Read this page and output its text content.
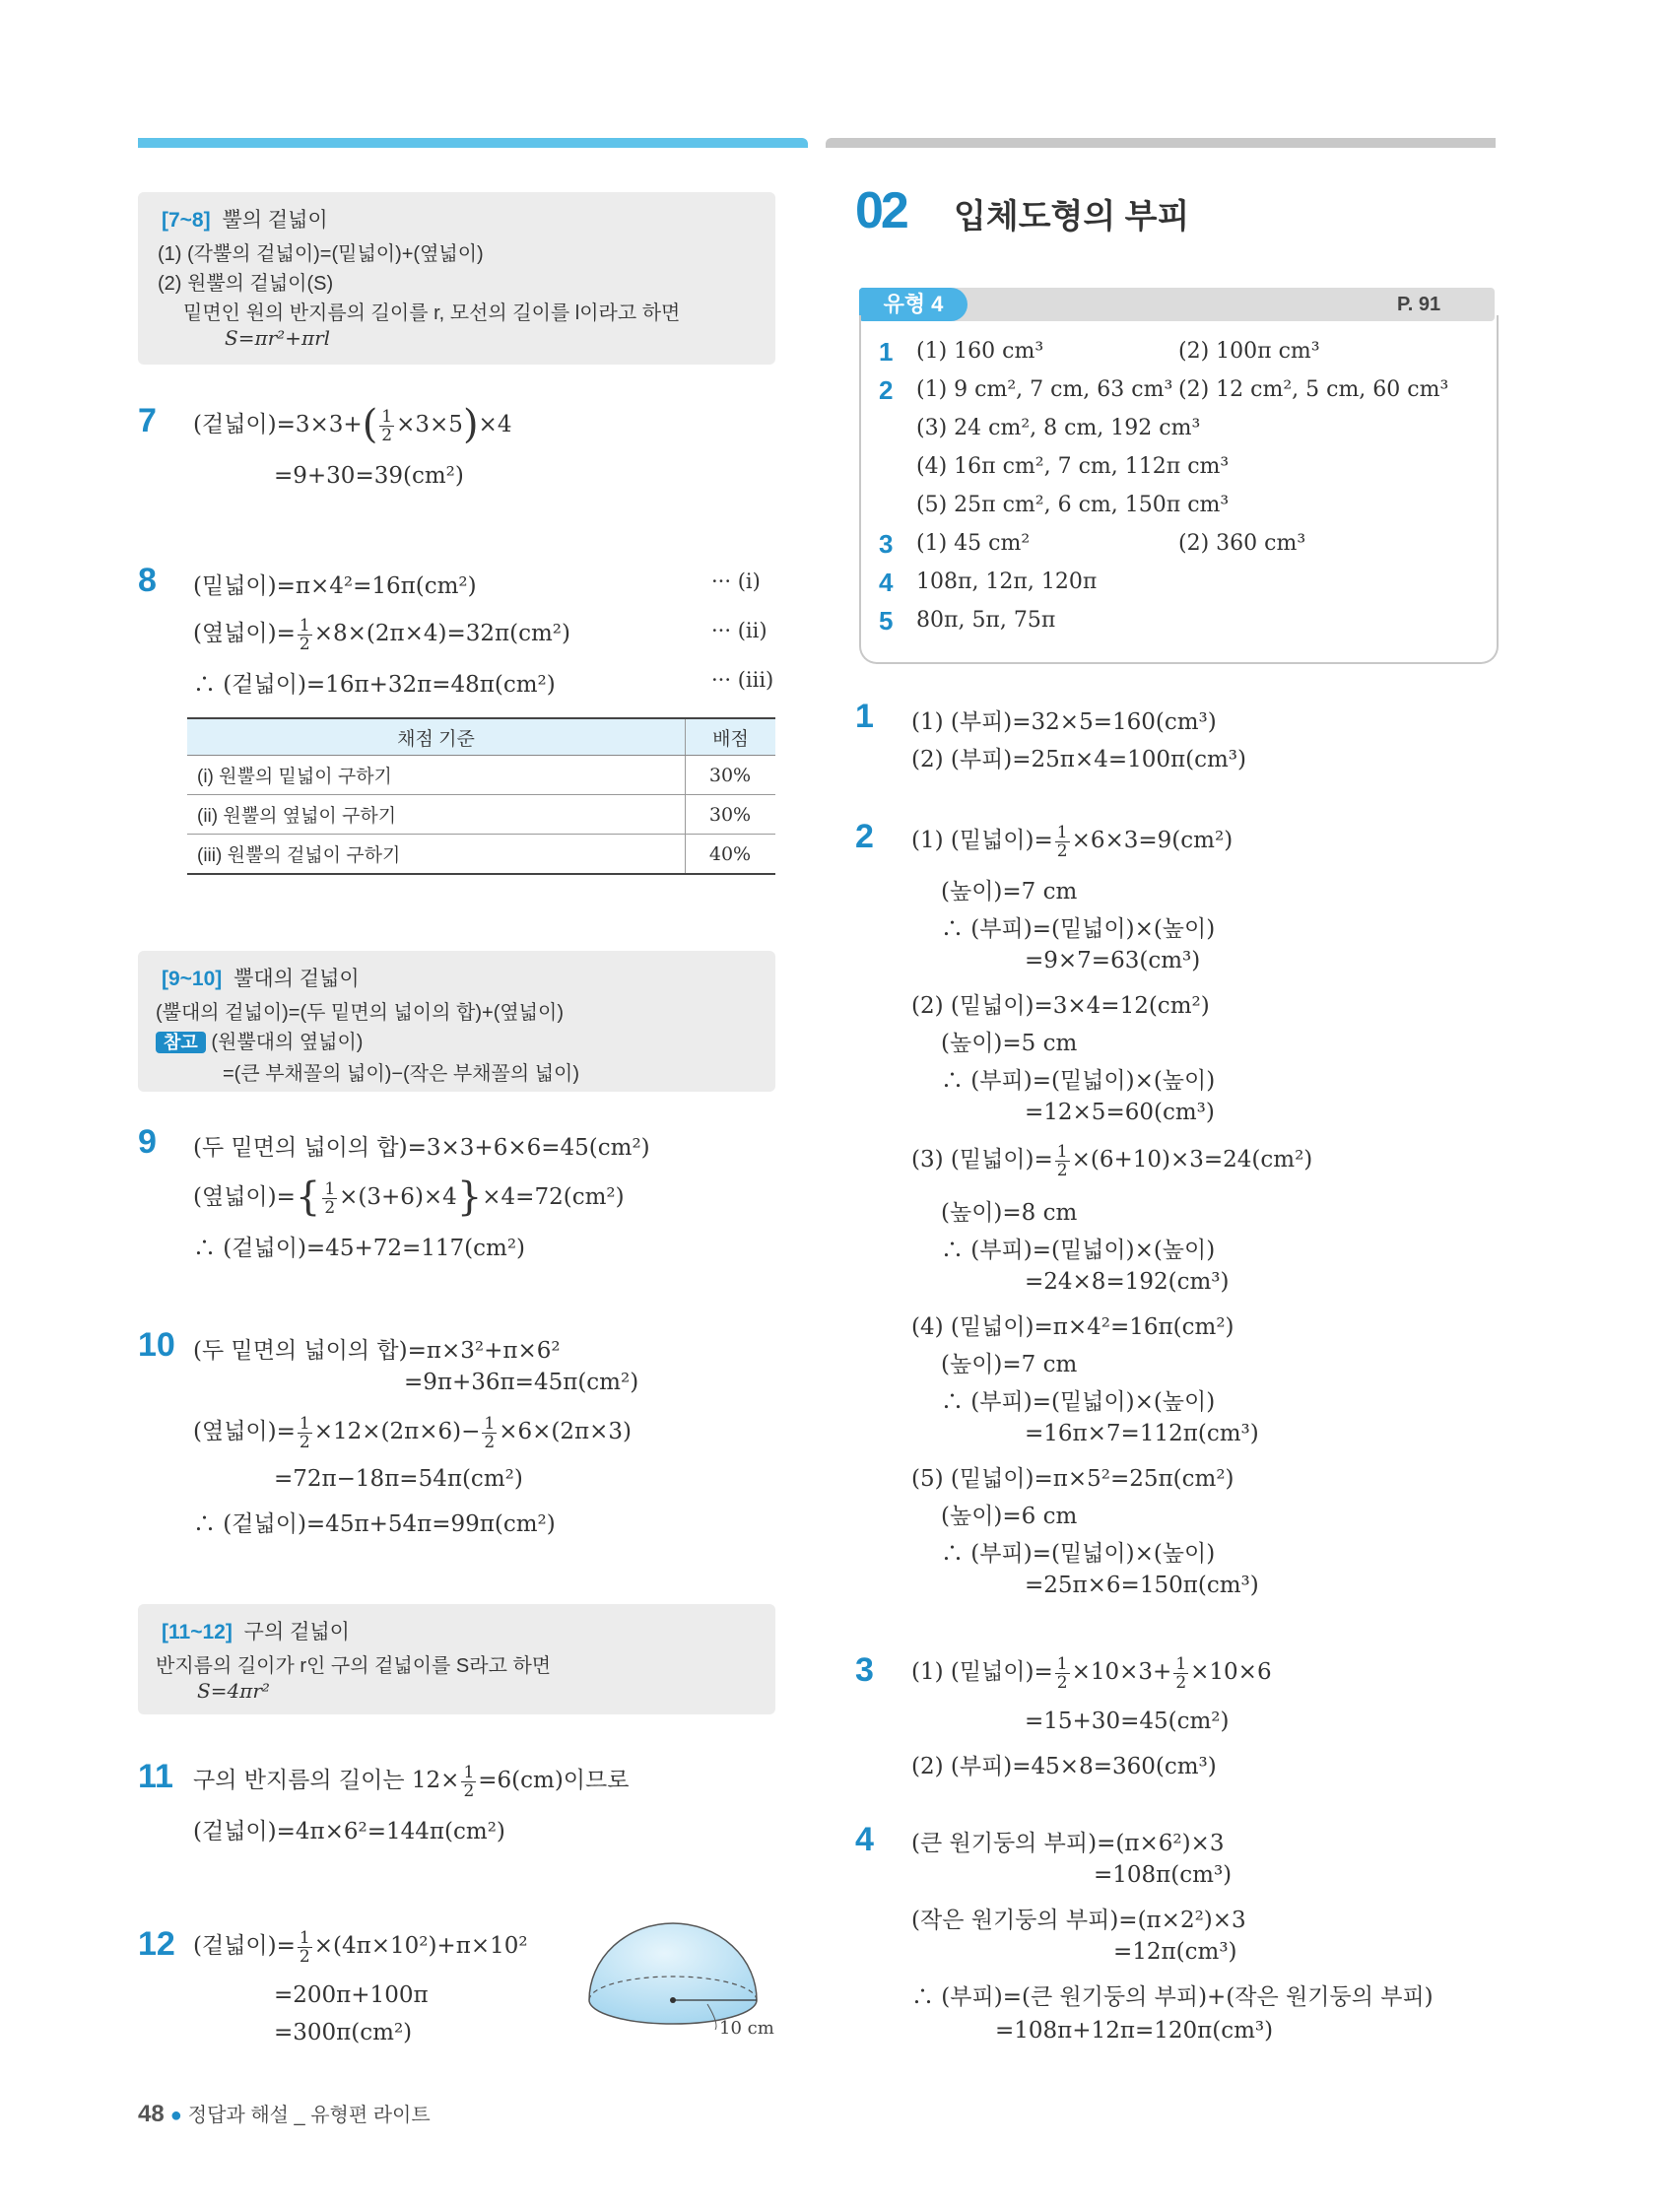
[7~8] 뿔의 겉넓이
(1) (각뿔의 겉넓이)=(밑넓이)+(옆넓이)
(2) 원뿔의 겉넓이(S)
밑면인 원의 반지름의 길이를 r, 모선의 길이를 l이라고 하면
S=πr²+πrl
7 (겉넓이)$=3\times 3+( \frac{1}{2} \times 3\times 5)\times 4$
=9+30=39(cm²)
8 (밑넓이)=π×4²=16π(cm²)
(옆넓이)= $\frac{1}{2} \times 8\times(2\pi\times 4)=32\pi(cm^2)$
∴ (겉넓이)=16π+32π=48π(cm²)
··· (i)
··· (ii)
··· (iii)
채점 기준	배점
(i) 원뿔의 밑넓이 구하기	30%
(ii) 원뿔의 옆넓이 구하기	30%
(iii) 원뿔의 겉넓이 구하기	40%
[9~10] 뿔대의 겉넓이
(뿔대의 겉넓이)=(두 밑면의 넓이의 합)+(옆넓이)
참고 (원뿔대의 옆넓이)
=(큰 부채꼴의 넓이)−(작은 부채꼴의 넓이)
9 (두 밑면의 넓이의 합)=3×3+6×6=45(cm²)
(옆넓이)={ $\frac{1}{2} \times(3+6)\times 4\}\times 4=72(cm^2)$
∴ (겉넓이)=45+72=117(cm²)
10 (두 밑면의 넓이의 합)=π×3²+π×6²
=9π+36π=45π(cm²)
(옆넓이)= $\frac{1}{2} \times 12\times(2\pi\times 6)- \frac{1}{2} \times 6\times(2\pi\times 3)$
=72π−18π=54π(cm²)
∴ (겉넓이)=45π+54π=99π(cm²)
[11~12] 구의 겉넓이
반지름의 길이가 r인 구의 겉넓이를 S라고 하면
S=4πr²
11 구의 반지름의 길이는 $12\times \frac{1}{2} =6(cm)$이므로
(겉넓이)=4π×6²=144π(cm²)
12 (겉넓이)= $\frac{1}{2} \times(4\pi\times 10^2)+\pi\times 10^2$
=200π+100π
=300π(cm²)	10 cm
02 입체도형의 부피
유형 4	P. 91
1 (1) 160 cm³	(2) 100π cm³
2 (1) 9 cm², 7 cm, 63 cm³ (2) 12 cm², 5 cm, 60 cm³
(3) 24 cm², 8 cm, 192 cm³
(4) 16π cm², 7 cm, 112π cm³
(5) 25π cm², 6 cm, 150π cm³
3 (1) 45 cm²	(2) 360 cm³
4 108π, 12π, 120π
5 80π, 5π, 75π
1 (1) (부피)=32×5=160(cm³)
(2) (부피)=25π×4=100π(cm³)
2 (1) (밑넓이)= $\frac{1}{2} \times 6\times 3=9(cm^2)$
(높이)=7 cm
∴ (부피)=(밑넓이)×(높이)
=9×7=63(cm³)
(2) (밑넓이)=3×4=12(cm²)
(높이)=5 cm
∴ (부피)=(밑넓이)×(높이)
=12×5=60(cm³)
(3) (밑넓이)= $\frac{1}{2} \times(6+10)\times 3=24(cm^2)$
(높이)=8 cm
∴ (부피)=(밑넓이)×(높이)
=24×8=192(cm³)
(4) (밑넓이)=π×4²=16π(cm²)
(높이)=7 cm
∴ (부피)=(밑넓이)×(높이)
=16π×7=112π(cm³)
(5) (밑넓이)=π×5²=25π(cm²)
(높이)=6 cm
∴ (부피)=(밑넓이)×(높이)
=25π×6=150π(cm³)
3 (1) (밑넓이)= $\frac{1}{2} \times 10\times 3+ \frac{1}{2} \times 10\times 6$
=15+30=45(cm²)
(2) (부피)=45×8=360(cm³)
4 (큰 원기둥의 부피)=(π×6²)×3
=108π(cm³)
(작은 원기둥의 부피)=(π×2²)×3
=12π(cm³)
∴ (부피)=(큰 원기둥의 부피)+(작은 원기둥의 부피)
=108π+12π=120π(cm³)
48 ● 정답과 해설 _ 유형편 라이트
